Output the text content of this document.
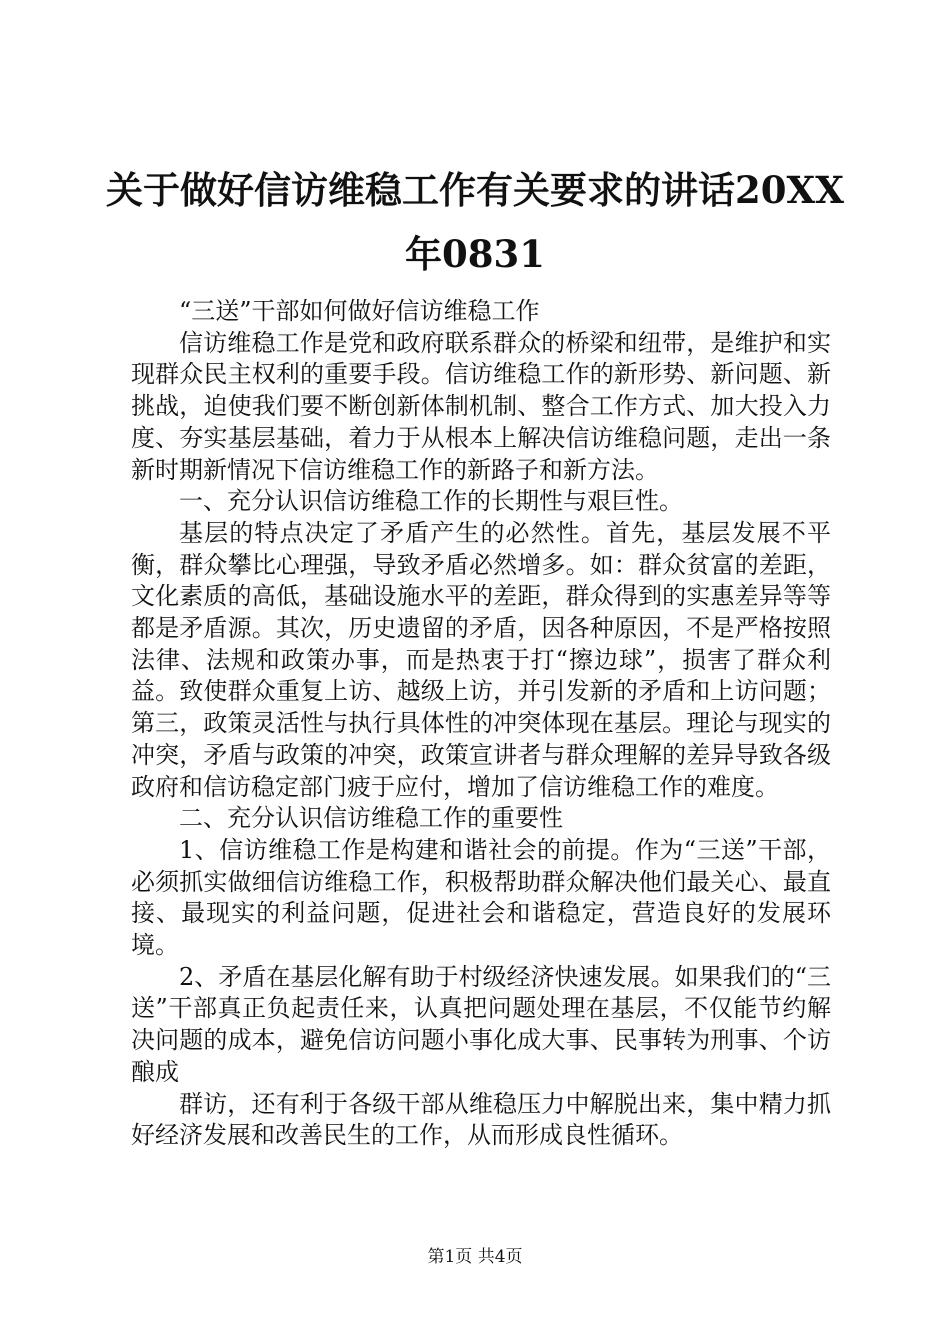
关于做好信访维稳工作有关要求的讲话20XX年0831

“三送”干部如何做好信访维稳工作

信访维稳工作是党和政府联系群众的桥梁和纽带，是维护和实现群众民主权利的重要手段。信访维稳工作的新形势、新问题、新挑战，迫使我们要不断创新体制机制、整合工作方式、加大投入力度、夯实基层基础，着力于从根本上解决信访维稳问题，走出一条新时期新情况下信访维稳工作的新路子和新方法。

一、充分认识信访维稳工作的长期性与艰巨性。

基层的特点决定了矛盾产生的必然性。首先，基层发展不平衡，群众攀比心理强，导致矛盾必然增多。如：群众贫富的差距，文化素质的高低，基础设施水平的差距，群众得到的实惠差异等等都是矛盾源。其次，历史遗留的矛盾，因各种原因，不是严格按照法律、法规和政策办事，而是热衷于打“擦边球”，损害了群众利益。致使群众重复上访、越级上访，并引发新的矛盾和上访问题；第三，政策灵活性与执行具体性的冲突体现在基层。理论与现实的冲突，矛盾与政策的冲突，政策宣讲者与群众理解的差异导致各级政府和信访稳定部门疲于应付，增加了信访维稳工作的难度。

二、充分认识信访维稳工作的重要性

1、信访维稳工作是构建和谐社会的前提。作为“三送”干部，必须抓实做细信访维稳工作，积极帮助群众解决他们最关心、最直接、最现实的利益问题，促进社会和谐稳定，营造良好的发展环境。

2、矛盾在基层化解有助于村级经济快速发展。如果我们的“三送”干部真正负起责任来，认真把问题处理在基层，不仅能节约解决问题的成本，避免信访问题小事化成大事、民事转为刑事、个访酿成

群访，还有利于各级干部从维稳压力中解脱出来，集中精力抓好经济发展和改善民生的工作，从而形成良性循环。

第1页 共4页
